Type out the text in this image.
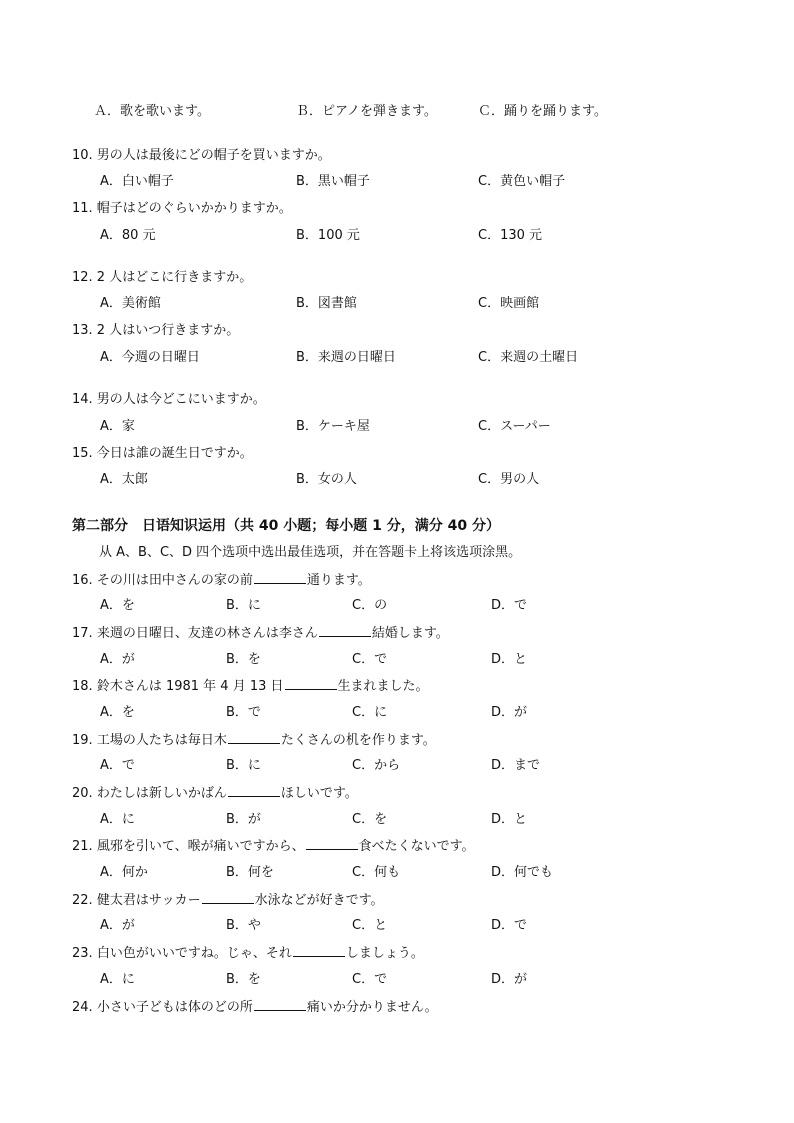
Ａ．歌を歌います。	Ｂ．ピアノを弾きます。	Ｃ．踊りを踊ります。
10. 男の人は最後にどの帽子を買いますか。
A．白い帽子	B．黒い帽子	C．黄色い帽子
11. 帽子はどのぐらいかかりますか。
A．80 元	B．100 元	C．130 元
12. 2 人はどこに行きますか。
A．美術館	B．図書館	C．映画館
13. 2 人はいつ行きますか。
A．今週の日曜日	B．来週の日曜日	C．来週の土曜日
14. 男の人は今どこにいますか。
A．家	B．ケーキ屋	C．スーパー
15. 今日は誰の誕生日ですか。
A．太郎	B．女の人	C．男の人
第二部分　日语知识运用（共 40 小题；每小题 1 分，满分 40 分）
从 A、B、C、D 四个选项中选出最佳选项，并在答题卡上将该选项涂黑。
16. その川は田中さんの家の前	通ります。
A．を	B．に	C．の	D．で
17. 来週の日曜日、友達の林さんは李さん	結婚します。
A．が	B．を	C．で	D．と
18. 鈴木さんは 1981 年 4 月 13 日	生まれました。
A．を	B．で	C．に	D．が
19. 工場の人たちは毎日木	たくさんの机を作ります。
A．で	B．に	C．から	D．まで
20. わたしは新しいかばん	ほしいです。
A．に	B．が	C．を	D．と
21. 風邪を引いて、喉が痛いですから、	食べたくないです。
A．何か	B．何を	C．何も	D．何でも
22. 健太君はサッカー	水泳などが好きです。
A．が	B．や	C．と	D．で
23. 白い色がいいですね。じゃ、それ	しましょう。
A．に	B．を	C．で	D．が
24. 小さい子どもは体のどの所	痛いか分かりません。
